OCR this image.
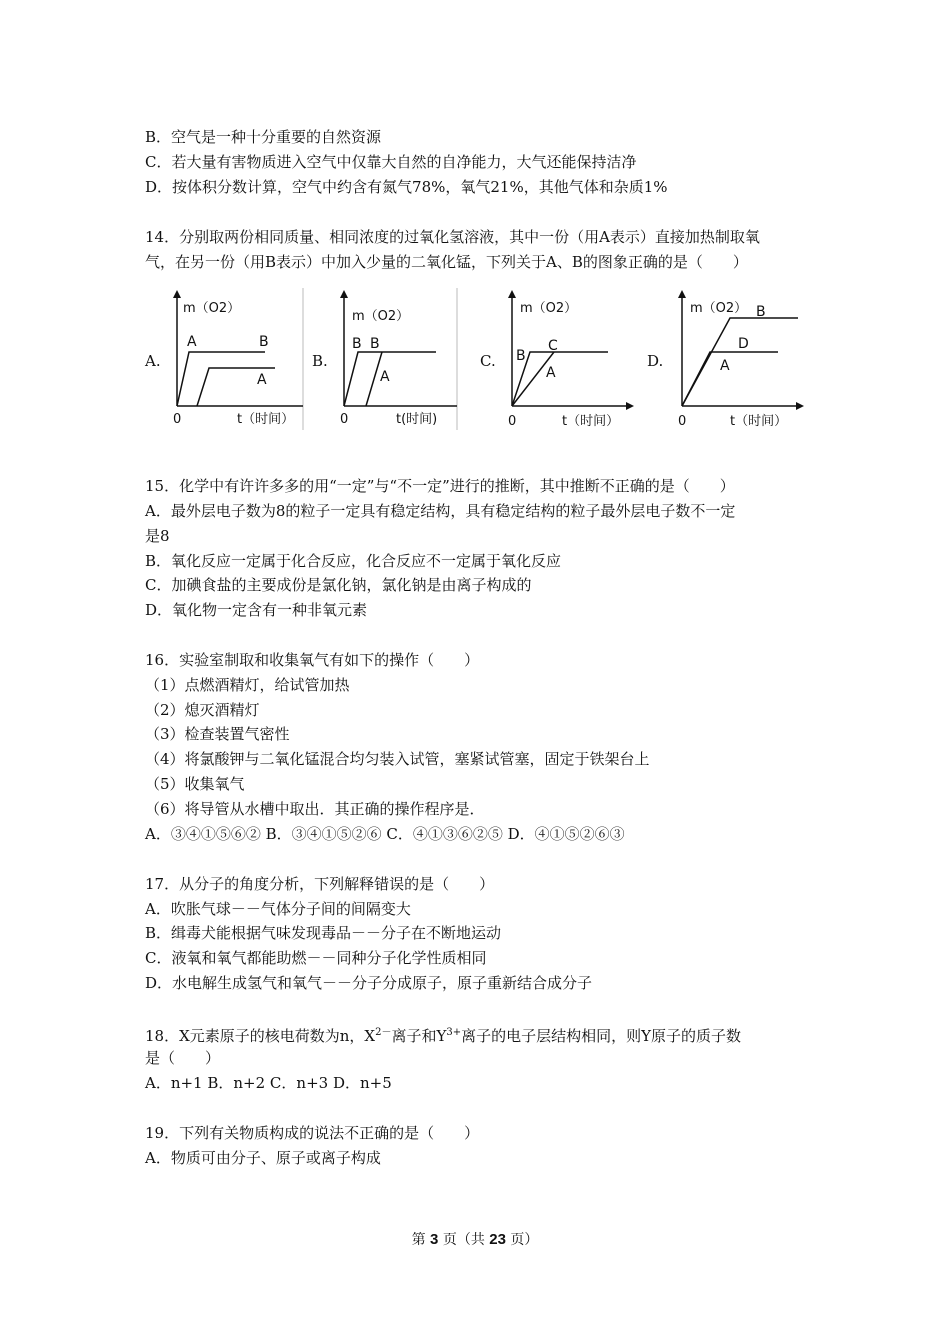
B．空气是一种十分重要的自然资源
C．若大量有害物质进入空气中仅靠大自然的自净能力，大气还能保持洁净
D．按体积分数计算，空气中约含有氮气78%，氧气21%，其他气体和杂质1%
14．分别取两份相同质量、相同浓度的过氧化氢溶液，其中一份（用A表示）直接加热制取氧
气，在另一份（用B表示）中加入少量的二氧化锰，下列关于A、B的图象正确的是（　　）
A.
m（O2）
A	B
A
0	t（时间）
B.
m（O2）
B B
A
0	t(时间)
C.
m（O2）
B
C
A
0	t（时间）
D.
m（O2） B
D
A
0	t（时间）
15．化学中有许许多多的用“一定”与“不一定”进行的推断，其中推断不正确的是（　　）
A．最外层电子数为8的粒子一定具有稳定结构，具有稳定结构的粒子最外层电子数不一定
是8
B．氧化反应一定属于化合反应，化合反应不一定属于氧化反应
C．加碘食盐的主要成份是氯化钠，氯化钠是由离子构成的
D．氧化物一定含有一种非氧元素
16．实验室制取和收集氧气有如下的操作（　　）
（1）点燃酒精灯，给试管加热
（2）熄灭酒精灯
（3）检查装置气密性
（4）将氯酸钾与二氧化锰混合均匀装入试管，塞紧试管塞，固定于铁架台上
（5）收集氧气
（6）将导管从水槽中取出．其正确的操作程序是．
A．③④①⑤⑥② B．③④①⑤②⑥ C．④①③⑥②⑤ D．④①⑤②⑥③
17．从分子的角度分析，下列解释错误的是（　　）
A．吹胀气球－－气体分子间的间隔变大
B．缉毒犬能根据气味发现毒品－－分子在不断地运动
C．液氧和氧气都能助燃－－同种分子化学性质相同
D．水电解生成氢气和氧气－－分子分成原子，原子重新结合成分子
18．X元素原子的核电荷数为n，$X^{2-}$离子和$Y^{3+}$离子的电子层结构相同，则Y原子的质子数
是（　　）
A．n+1 B．n+2 C．n+3 D．n+5
19．下列有关物质构成的说法不正确的是（　　）
A．物质可由分子、原子或离子构成
第 3 页（共 23 页）
